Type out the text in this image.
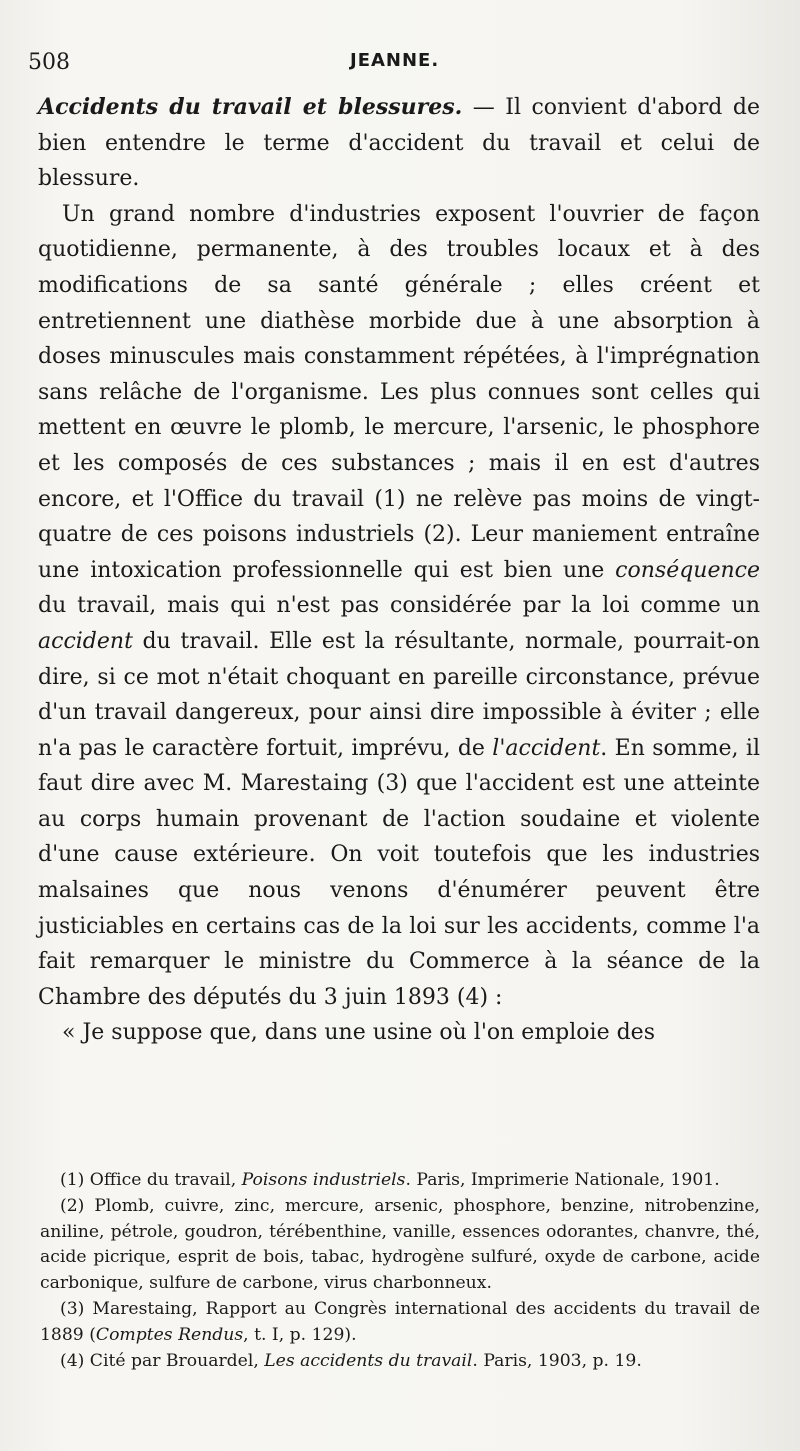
508	JEANNE.

Accidents du travail et blessures. — Il convient d'abord de bien entendre le terme d'accident du travail et celui de blessure.

Un grand nombre d'industries exposent l'ouvrier de façon quotidienne, permanente, à des troubles locaux et à des modifications de sa santé générale ; elles créent et entretiennent une diathèse morbide due à une absorption à doses minuscules mais constamment répétées, à l'imprégnation sans relâche de l'organisme. Les plus connues sont celles qui mettent en œuvre le plomb, le mercure, l'arsenic, le phosphore et les composés de ces substances ; mais il en est d'autres encore, et l'Office du travail (1) ne relève pas moins de vingt-quatre de ces poisons industriels (2). Leur maniement entraîne une intoxication professionnelle qui est bien une conséquence du travail, mais qui n'est pas considérée par la loi comme un accident du travail. Elle est la résultante, normale, pourrait-on dire, si ce mot n'était choquant en pareille circonstance, prévue d'un travail dangereux, pour ainsi dire impossible à éviter ; elle n'a pas le caractère fortuit, imprévu, de l'accident. En somme, il faut dire avec M. Marestaing (3) que l'accident est une atteinte au corps humain provenant de l'action soudaine et violente d'une cause extérieure. On voit toutefois que les industries malsaines que nous venons d'énumérer peuvent être justiciables en certains cas de la loi sur les accidents, comme l'a fait remarquer le ministre du Commerce à la séance de la Chambre des députés du 3 juin 1893 (4) :

« Je suppose que, dans une usine où l'on emploie des

(1) Office du travail, Poisons industriels. Paris, Imprimerie Nationale, 1901.

(2) Plomb, cuivre, zinc, mercure, arsenic, phosphore, benzine, nitrobenzine, aniline, pétrole, goudron, térébenthine, vanille, essences odorantes, chanvre, thé, acide picrique, esprit de bois, tabac, hydrogène sulfuré, oxyde de carbone, acide carbonique, sulfure de carbone, virus charbonneux.

(3) Marestaing, Rapport au Congrès international des accidents du travail de 1889 (Comptes Rendus, t. I, p. 129).

(4) Cité par Brouardel, Les accidents du travail. Paris, 1903, p. 19.
